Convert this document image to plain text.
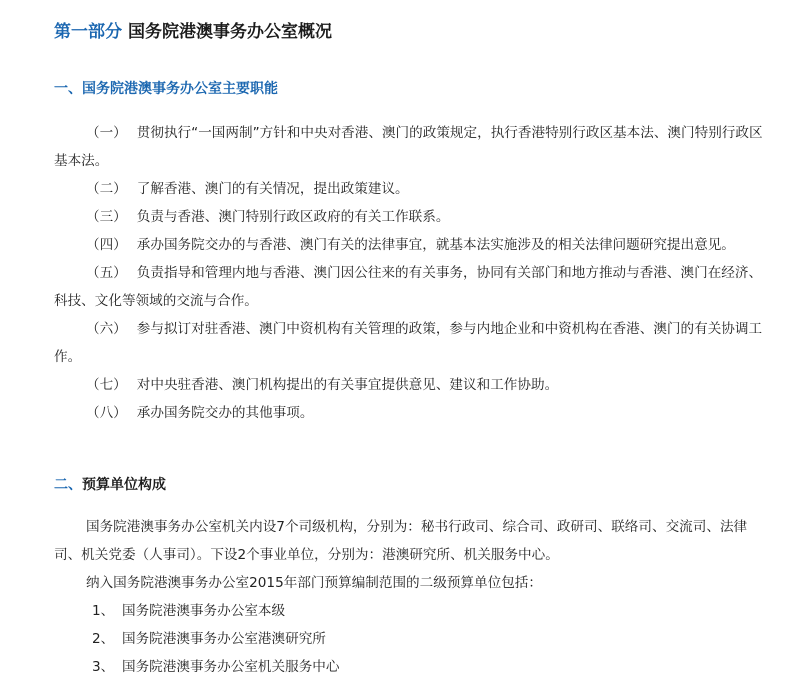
第一部分 国务院港澳事务办公室概况
一、国务院港澳事务办公室主要职能

（一） 贯彻执行“一国两制”方针和中央对香港、澳门的政策规定，执行香港特别行政区基本法、澳门特别行政区基本法。

（二） 了解香港、澳门的有关情况，提出政策建议。

（三） 负责与香港、澳门特别行政区政府的有关工作联系。

（四） 承办国务院交办的与香港、澳门有关的法律事宜，就基本法实施涉及的相关法律问题研究提出意见。

（五） 负责指导和管理内地与香港、澳门因公往来的有关事务，协同有关部门和地方推动与香港、澳门在经济、科技、文化等领域的交流与合作。

（六） 参与拟订对驻香港、澳门中资机构有关管理的政策，参与内地企业和中资机构在香港、澳门的有关协调工作。

（七） 对中央驻香港、澳门机构提出的有关事宜提供意见、建议和工作协助。

（八） 承办国务院交办的其他事项。

二、预算单位构成

国务院港澳事务办公室机关内设7个司级机构，分别为：秘书行政司、综合司、政研司、联络司、交流司、法律司、机关党委（人事司）。下设2个事业单位，分别为：港澳研究所、机关服务中心。

纳入国务院港澳事务办公室2015年部门预算编制范围的二级预算单位包括：

1、 国务院港澳事务办公室本级
2、 国务院港澳事务办公室港澳研究所
3、 国务院港澳事务办公室机关服务中心
